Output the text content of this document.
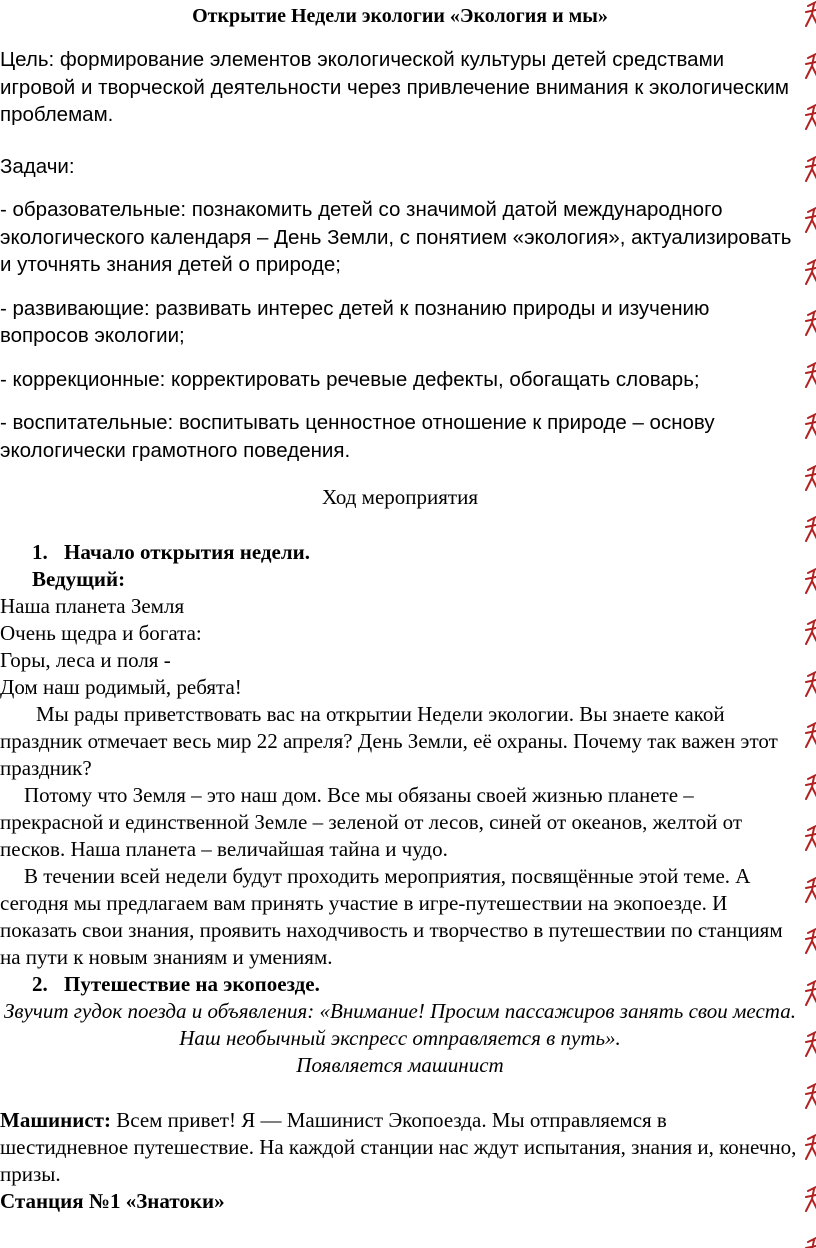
Открытие Недели экологии «Экология и мы»

Цель: формирование элементов экологической культуры детей средствами игровой и творческой деятельности через привлечение внимания к экологическим проблемам.

Задачи:

- образовательные: познакомить детей со значимой датой международного экологического календаря – День Земли, с понятием «экология», актуализировать и уточнять знания детей о природе;

- развивающие: развивать интерес детей к познанию природы и изучению вопросов экологии;

- коррекционные: корректировать речевые дефекты, обогащать словарь;

- воспитательные: воспитывать ценностное отношение к природе – основу экологически грамотного поведения.

Ход мероприятия

1. Начало открытия недели.

Ведущий:

Наша планета Земля

Очень щедра и богата:

Горы, леса и поля -

Дом наш родимый, ребята!

Мы рады приветствовать вас на открытии Недели экологии. Вы знаете какой праздник отмечает весь мир 22 апреля? День Земли, её охраны. Почему так важен этот праздник?

Потому что Земля – это наш дом. Все мы обязаны своей жизнью планете – прекрасной и единственной Земле – зеленой от лесов, синей от океанов, желтой от песков. Наша планета – величайшая тайна и чудо.

В течении всей недели будут проходить мероприятия, посвящённые этой теме. А сегодня мы предлагаем вам принять участие в игре-путешествии на экопоезде. И показать свои знания, проявить находчивость и творчество в путешествии по станциям на пути к новым знаниям и умениям.

2. Путешествие на экопоезде.

Звучит гудок поезда и объявления: «Внимание! Просим пассажиров занять свои места. Наш необычный экспресс отправляется в путь».

Появляется машинист

Машинист: Всем привет! Я — Машинист Экопоезда. Мы отправляемся в шестидневное путешествие. На каждой станции нас ждут испытания, знания и, конечно, призы.

Станция №1 «Знатоки»
